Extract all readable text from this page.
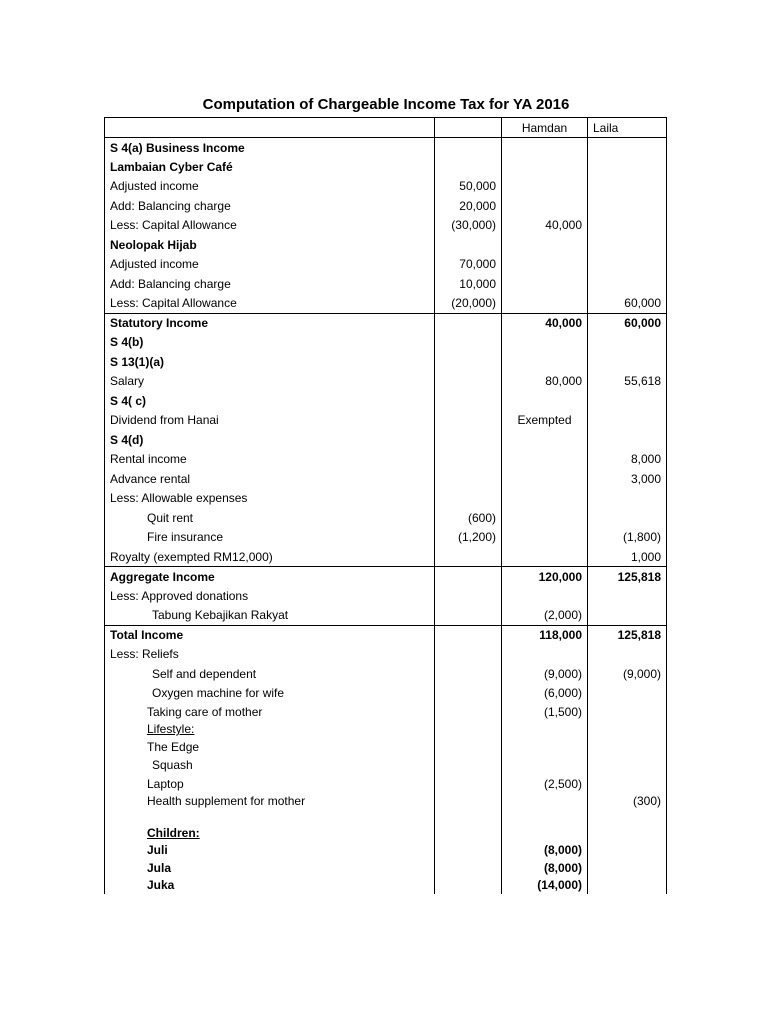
Computation of Chargeable Income Tax for YA 2016
		Hamdan	Laila
S 4(a) Business Income			
Lambaian Cyber Café			
Adjusted income	50,000		
Add: Balancing charge	20,000		
Less: Capital Allowance	(30,000)	40,000	
Neolopak Hijab			
Adjusted income	70,000		
Add: Balancing charge	10,000		
Less: Capital Allowance	(20,000)		60,000
Statutory Income		40,000	60,000
S 4(b)			
S 13(1)(a)			
Salary		80,000	55,618
S 4( c)			
Dividend from Hanai		Exempted	
S 4(d)			
Rental income			8,000
Advance rental			3,000
Less: Allowable expenses			
Quit rent	(600)		
Fire insurance	(1,200)		(1,800)
Royalty (exempted RM12,000)			1,000
Aggregate Income		120,000	125,818
Less: Approved donations			
Tabung Kebajikan Rakyat		(2,000)	
Total Income		118,000	125,818
Less: Reliefs			
Self and dependent		(9,000)	(9,000)
Oxygen machine for wife		(6,000)	
Taking care of mother		(1,500)	
Lifestyle:			
The Edge			
Squash			
Laptop		(2,500)	
Health supplement for mother			(300)

Children:			
Juli		(8,000)	
Jula		(8,000)	
Juka		(14,000)	
